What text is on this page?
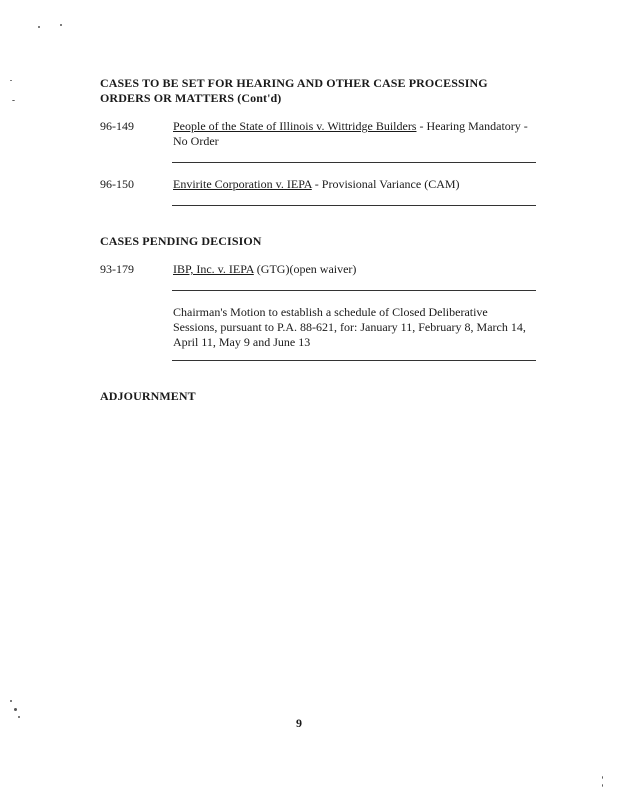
CASES TO BE SET FOR HEARING AND OTHER CASE PROCESSING
ORDERS OR MATTERS (Cont'd)
96-149	People of the State of Illinois v. Wittridge Builders - Hearing Mandatory - No Order
96-150	Envirite Corporation v. IEPA - Provisional Variance (CAM)
CASES PENDING DECISION
93-179	IBP, Inc. v. IEPA (GTG)(open waiver)
Chairman's Motion to establish a schedule of Closed Deliberative Sessions, pursuant to P.A. 88-621, for: January 11, February 8, March 14, April 11, May 9 and June 13
ADJOURNMENT
9
